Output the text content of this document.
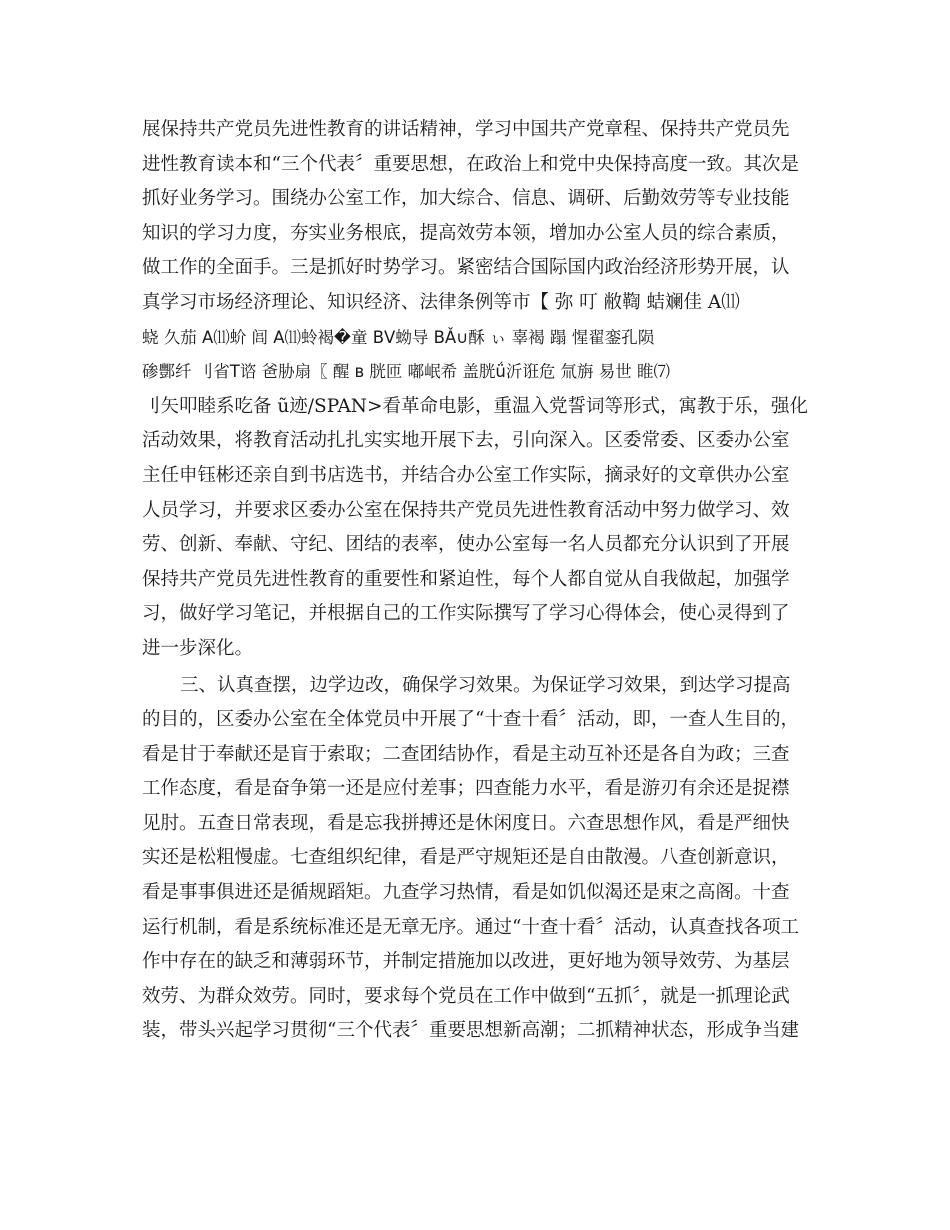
展保持共产党员先进性教育的讲话精神，学习中国共产党章程、保持共产党员先
进性教育读本和“三个代表〞重要思想，在政治上和党中央保持高度一致。其次是
抓好业务学习。围绕办公室工作，加大综合、信息、调研、后勤效劳等专业技能
知识的学习力度，夯实业务根底，提高效劳本领，增加办公室人员的综合素质，
做工作的全面手。三是抓好时势学习。紧密结合国际国内政治经济形势开展，认
真学习市场经济理论、知识经济、法律条例等市【 弥 叮 敝鞫 蛣斓佳 Α⑾
蛲 久茄 Α⑾蚧 闾 Α⑾蛉褐�童 ΒⅤ蚴导 ΒǍ∪酥 ぃ 辜褐 蹋 惺翟銮孔陨
碜酆纤 刂省Τ谘 爸胁扇〖 醒 ʙ 胱匝 嘟岷希 盖胱ǘ沂诳危 氚旃 易世 睢⑺
刂矢叩睦系吃备 ũ迹/SPAN>看革命电影，重温入党誓词等形式，寓教于乐，强化
活动效果，将教育活动扎扎实实地开展下去，引向深入。区委常委、区委办公室
主任申钰彬还亲自到书店选书，并结合办公室工作实际，摘录好的文章供办公室
人员学习，并要求区委办公室在保持共产党员先进性教育活动中努力做学习、效
劳、创新、奉献、守纪、团结的表率，使办公室每一名人员都充分认识到了开展
保持共产党员先进性教育的重要性和紧迫性，每个人都自觉从自我做起，加强学
习，做好学习笔记，并根据自己的工作实际撰写了学习心得体会，使心灵得到了
进一步深化。
三、认真查摆，边学边改，确保学习效果。为保证学习效果，到达学习提高
的目的，区委办公室在全体党员中开展了“十查十看〞活动，即，一查人生目的，
看是甘于奉献还是盲于索取；二查团结协作，看是主动互补还是各自为政；三查
工作态度，看是奋争第一还是应付差事；四查能力水平，看是游刃有余还是捉襟
见肘。五查日常表现，看是忘我拼搏还是休闲度日。六查思想作风，看是严细快
实还是松粗慢虚。七查组织纪律，看是严守规矩还是自由散漫。八查创新意识，
看是事事俱进还是循规蹈矩。九查学习热情，看是如饥似渴还是束之高阁。十查
运行机制，看是系统标准还是无章无序。通过“十查十看〞活动，认真查找各项工
作中存在的缺乏和薄弱环节，并制定措施加以改进，更好地为领导效劳、为基层
效劳、为群众效劳。同时，要求每个党员在工作中做到“五抓〞，就是一抓理论武
装，带头兴起学习贯彻“三个代表〞重要思想新高潮；二抓精神状态，形成争当建
